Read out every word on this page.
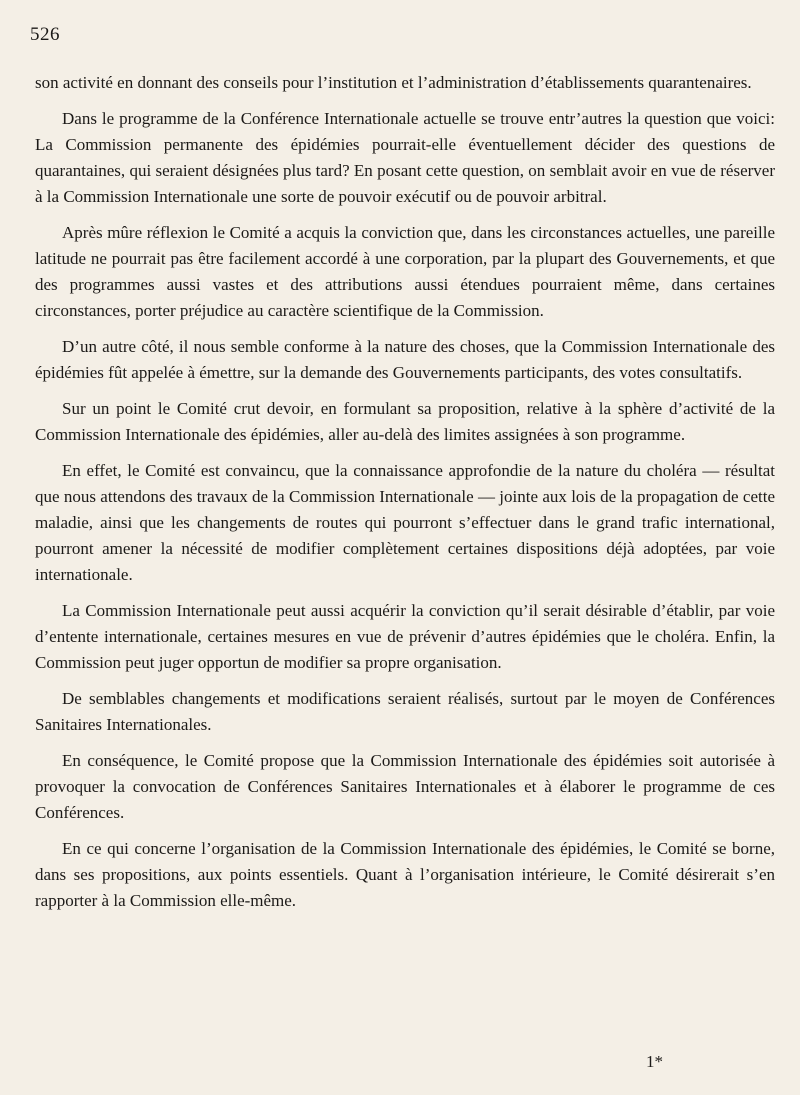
526

son activité en donnant des conseils pour l’institution et l’administration d’établissements quarantenaires.

Dans le programme de la Conférence Internationale actuelle se trouve entr’autres la question que voici: La Commission permanente des épidémies pourrait-elle éventuellement décider des questions de quarantaines, qui seraient désignées plus tard? En posant cette question, on semblait avoir en vue de réserver à la Commission Internationale une sorte de pouvoir exécutif ou de pouvoir arbitral.

Après mûre réflexion le Comité a acquis la conviction que, dans les circonstances actuelles, une pareille latitude ne pourrait pas être facilement accordé à une corporation, par la plupart des Gouvernements, et que des programmes aussi vastes et des attributions aussi étendues pourraient même, dans certaines circonstances, porter préjudice au caractère scientifique de la Commission.

D’un autre côté, il nous semble conforme à la nature des choses, que la Commission Internationale des épidémies fût appelée à émettre, sur la demande des Gouvernements participants, des votes consultatifs.

Sur un point le Comité crut devoir, en formulant sa proposition, relative à la sphère d’activité de la Commission Internationale des épidémies, aller au-delà des limites assignées à son programme.

En effet, le Comité est convaincu, que la connaissance approfondie de la nature du choléra — résultat que nous attendons des travaux de la Commission Internationale — jointe aux lois de la propagation de cette maladie, ainsi que les changements de routes qui pourront s’effectuer dans le grand trafic international, pourront amener la nécessité de modifier complètement certaines dispositions déjà adoptées, par voie internationale.

La Commission Internationale peut aussi acquérir la conviction qu’il serait désirable d’établir, par voie d’entente internationale, certaines mesures en vue de prévenir d’autres épidémies que le choléra. Enfin, la Commission peut juger opportun de modifier sa propre organisation.

De semblables changements et modifications seraient réalisés, surtout par le moyen de Conférences Sanitaires Internationales.

En conséquence, le Comité propose que la Commission Internationale des épidémies soit autorisée à provoquer la convocation de Conférences Sanitaires Internationales et à élaborer le programme de ces Conférences.

En ce qui concerne l’organisation de la Commission Internationale des épidémies, le Comité se borne, dans ses propositions, aux points essentiels. Quant à l’organisation intérieure, le Comité désirerait s’en rapporter à la Commission elle-même.

1*
